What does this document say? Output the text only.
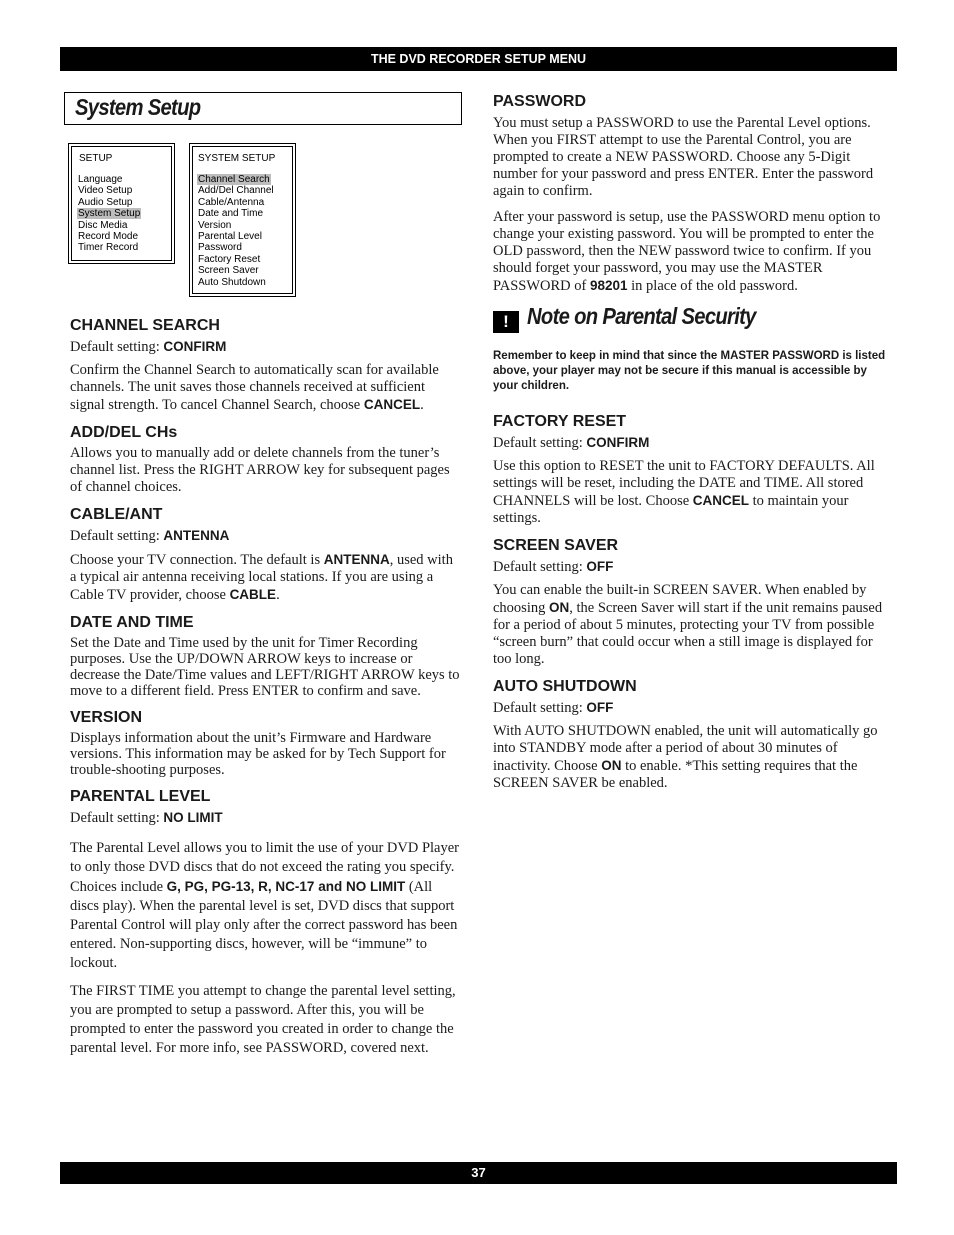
THE DVD RECORDER SETUP MENU
System Setup
SETUP
Language
Video Setup
Audio Setup
System Setup
Disc Media
Record Mode
Timer Record
SYSTEM SETUP
Channel Search
Add/Del Channel
Cable/Antenna
Date and Time
Version
Parental Level
Password
Factory Reset
Screen Saver
Auto Shutdown
CHANNEL SEARCH
Default setting: CONFIRM

Confirm the Channel Search to automatically scan for available channels. The unit saves those channels received at sufficient signal strength. To cancel Channel Search, choose CANCEL.

ADD/DEL CHs

Allows you to manually add or delete channels from the tuner’s channel list. Press the RIGHT ARROW key for subsequent pages of channel choices.

CABLE/ANT
Default setting: ANTENNA

Choose your TV connection. The default is ANTENNA, used with a typical air antenna receiving local stations. If you are using a Cable TV provider, choose CABLE.

DATE AND TIME

Set the Date and Time used by the unit for Timer Recording purposes. Use the UP/DOWN ARROW keys to increase or decrease the Date/Time values and LEFT/RIGHT ARROW keys to move to a different field. Press ENTER to confirm and save.

VERSION

Displays information about the unit’s Firmware and Hardware versions. This information may be asked for by Tech Support for trouble-shooting purposes.

PARENTAL LEVEL
Default setting: NO LIMIT

The Parental Level allows you to limit the use of your DVD Player to only those DVD discs that do not exceed the rating you specify. Choices include G, PG, PG-13, R, NC-17 and NO LIMIT (All discs play). When the parental level is set, DVD discs that support Parental Control will play only after the correct password has been entered. Non-supporting discs, however, will be “immune” to lockout.

The FIRST TIME you attempt to change the parental level setting, you are prompted to setup a password. After this, you will be prompted to enter the password you created in order to change the parental level. For more info, see PASSWORD, covered next.

PASSWORD

You must setup a PASSWORD to use the Parental Level options. When you FIRST attempt to use the Parental Control, you are prompted to create a NEW PASSWORD. Choose any 5-Digit number for your password and press ENTER. Enter the password again to confirm.

After your password is setup, use the PASSWORD menu option to change your existing password. You will be prompted to enter the OLD password, then the NEW password twice to confirm. If you should forget your password, you may use the MASTER PASSWORD of 98201 in place of the old password.

! Note on Parental Security

Remember to keep in mind that since the MASTER PASSWORD is listed above, your player may not be secure if this manual is accessible by your children.

FACTORY RESET
Default setting: CONFIRM

Use this option to RESET the unit to FACTORY DEFAULTS. All settings will be reset, including the DATE and TIME. All stored CHANNELS will be lost. Choose CANCEL to maintain your settings.

SCREEN SAVER
Default setting: OFF

You can enable the built-in SCREEN SAVER. When enabled by choosing ON, the Screen Saver will start if the unit remains paused for a period of about 5 minutes, protecting your TV from possible “screen burn” that could occur when a still image is displayed for too long.

AUTO SHUTDOWN
Default setting: OFF

With AUTO SHUTDOWN enabled, the unit will automatically go into STANDBY mode after a period of about 30 minutes of inactivity. Choose ON to enable. *This setting requires that the SCREEN SAVER be enabled.

37
